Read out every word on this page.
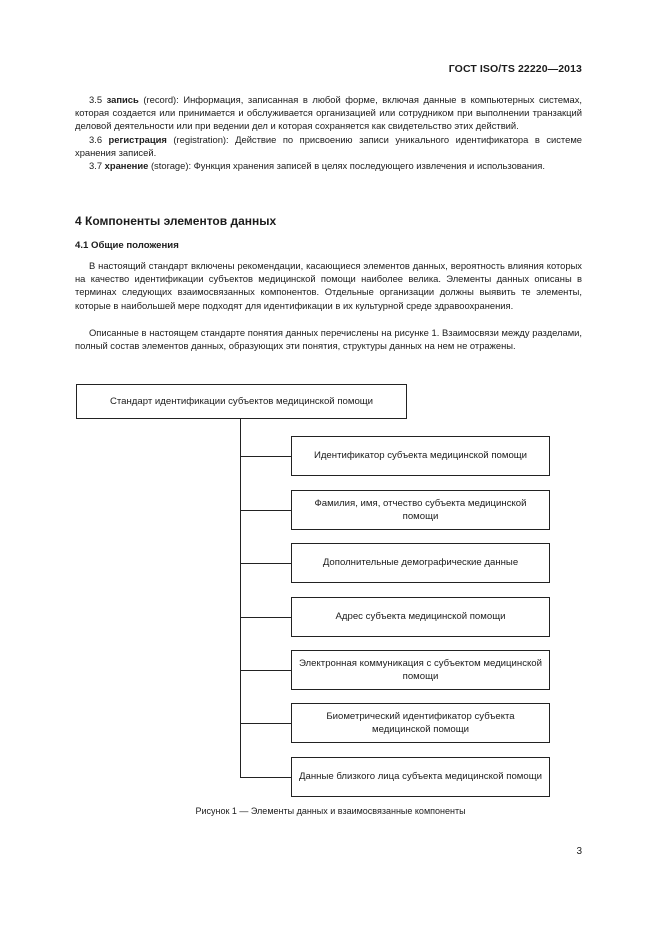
ГОСТ ISO/TS 22220—2013

3.5 запись (record): Информация, записанная в любой форме, включая данные в компьютерных системах, которая создается или принимается и обслуживается организацией или сотрудником при выполнении транзакций деловой деятельности или при ведении дел и которая сохраняется как свидетельство этих действий.

3.6 регистрация (registration): Действие по присвоению записи уникального идентификатора в системе хранения записей.

3.7 хранение (storage): Функция хранения записей в целях последующего извлечения и использования.

4 Компоненты элементов данных
4.1 Общие положения

В настоящий стандарт включены рекомендации, касающиеся элементов данных, вероятность влияния которых на качество идентификации субъектов медицинской помощи наиболее велика. Элементы данных описаны в терминах следующих взаимосвязанных компонентов. Отдельные организации должны выявить те элементы, которые в наибольшей мере подходят для идентификации в их культурной среде здравоохранения.

Описанные в настоящем стандарте понятия данных перечислены на рисунке 1. Взаимосвязи между разделами, полный состав элементов данных, образующих эти понятия, структуры данных на нем не отражены.

Стандарт идентификации субъектов медицинской помощи
Идентификатор субъекта медицинской помощи
Фамилия, имя, отчество субъекта медицинской помощи
Дополнительные демографические данные
Адрес субъекта медицинской помощи
Электронная коммуникация с субъектом медицинской помощи
Биометрический идентификатор субъекта медицинской помощи
Данные близкого лица субъекта медицинской помощи
Рисунок 1 — Элементы данных и взаимосвязанные компоненты
3
